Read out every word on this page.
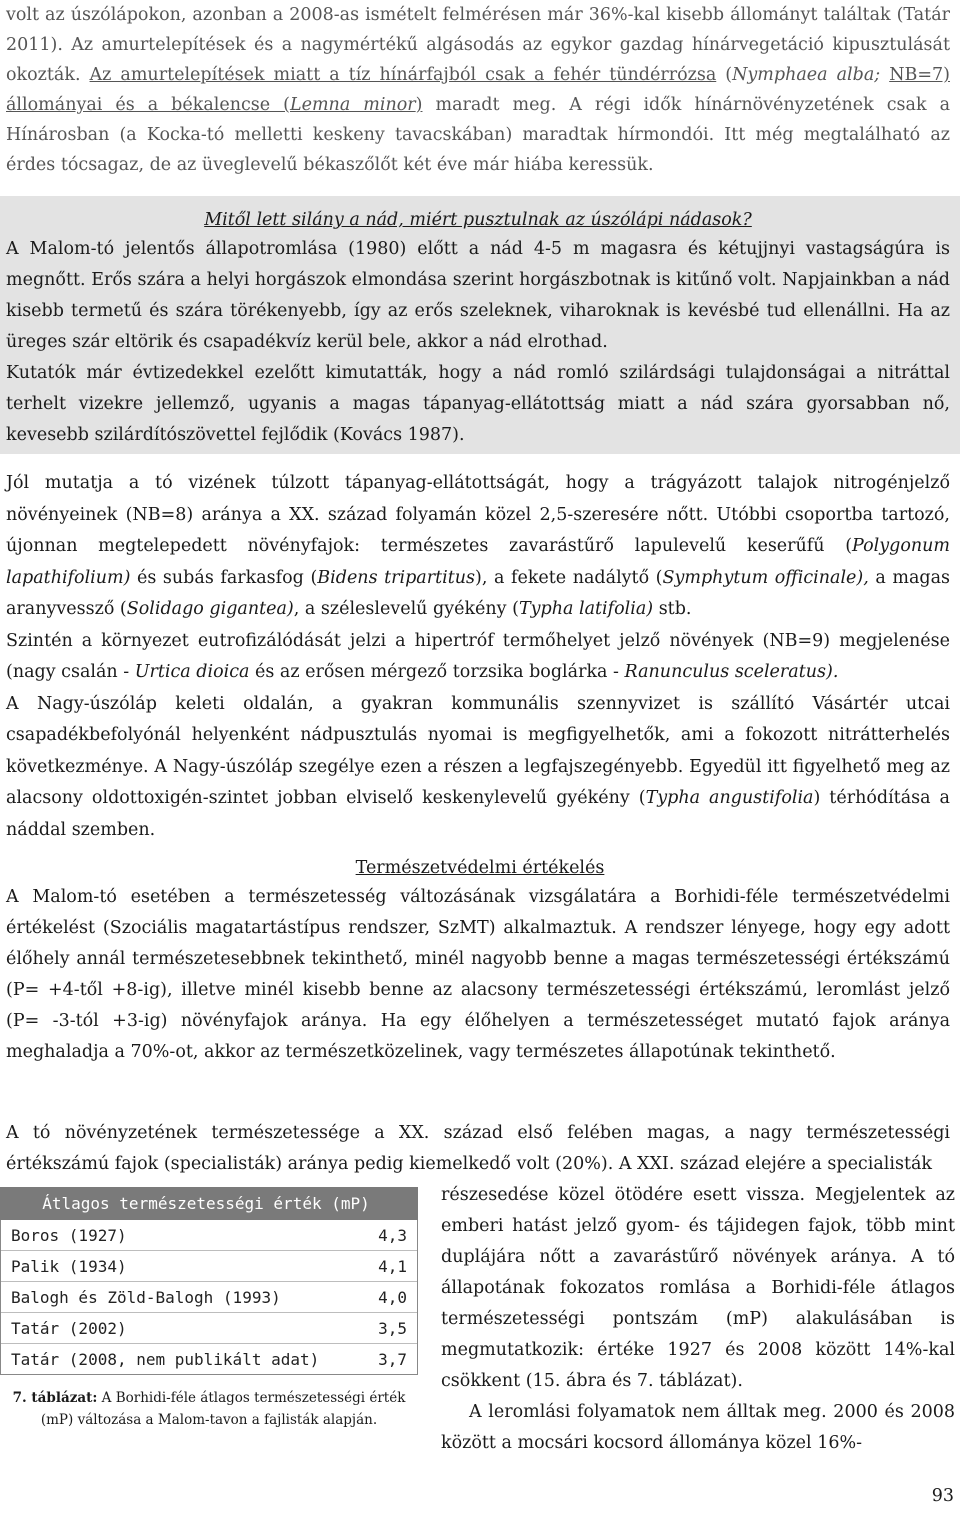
volt az úszólápokon, azonban a 2008-as ismételt felmérésen már 36%-kal kisebb állományt találtak (Tatár 2011). Az amurtelepítések és a nagymértékű algásodás az egykor gazdag hínárvegetáció kipusztulását okozták. Az amurtelepítések miatt a tíz hínárfajból csak a fehér tündérrózsa (Nymphaea alba; NB=7) állományai és a békalencse (Lemna minor) maradt meg. A régi idők hínárnövényzetének csak a Hínárosban (a Kocka-tó melletti keskeny tavacskában) maradtak hírmondói. Itt még megtalálható az érdes tócsagaz, de az üveglevelű békaszőlőt két éve már hiába keressük.

Mitől lett silány a nád, miért pusztulnak az úszólápi nádasok?

A Malom-tó jelentős állapotromlása (1980) előtt a nád 4-5 m magasra és kétujjnyi vastagságúra is megnőtt. Erős szára a helyi horgászok elmondása szerint horgászbotnak is kitűnő volt. Napjainkban a nád kisebb termetű és szára törékenyebb, így az erős szeleknek, viharoknak is kevésbé tud ellenállni. Ha az üreges szár eltörik és csapadékvíz kerül bele, akkor a nád elrothad.

Kutatók már évtizedekkel ezelőtt kimutatták, hogy a nád romló szilárdsági tulajdonságai a nitráttal terhelt vizekre jellemző, ugyanis a magas tápanyag-ellátottság miatt a nád szára gyorsabban nő, kevesebb szilárdítószövettel fejlődik (Kovács 1987).

Jól mutatja a tó vizének túlzott tápanyag-ellátottságát, hogy a trágyázott talajok nitrogénjelző növényeinek (NB=8) aránya a XX. század folyamán közel 2,5-szeresére nőtt. Utóbbi csoportba tartozó, újonnan megtelepedett növényfajok: természetes zavarástűrő lapulevelű keserűfű (Polygonum lapathifolium) és subás farkasfog (Bidens tripartitus), a fekete nadálytő (Symphytum officinale), a magas aranyvessző (Solidago gigantea), a széleslevelű gyékény (Typha latifolia) stb.

Szintén a környezet eutrofizálódását jelzi a hipertróf termőhelyet jelző növények (NB=9) megjelenése (nagy csalán - Urtica dioica és az erősen mérgező torzsika boglárka - Ranunculus sceleratus).

A Nagy-úszóláp keleti oldalán, a gyakran kommunális szennyvizet is szállító Vásártér utcai csapadékbefolyónál helyenként nádpusztulás nyomai is megfigyelhetők, ami a fokozott nitrátterhelés következménye. A Nagy-úszóláp szegélye ezen a részen a legfajszegényebb. Egyedül itt figyelhető meg az alacsony oldottoxigén-szintet jobban elviselő keskenylevelű gyékény (Typha angustifolia) térhódítása a náddal szemben.

Természetvédelmi értékelés

A Malom-tó esetében a természetesség változásának vizsgálatára a Borhidi-féle természetvédelmi értékelést (Szociális magatartástípus rendszer, SzMT) alkalmaztuk. A rendszer lényege, hogy egy adott élőhely annál természetesebbnek tekinthető, minél nagyobb benne a magas természetességi értékszámú (P= +4-től +8-ig), illetve minél kisebb benne az alacsony természetességi értékszámú, leromlást jelző (P= -3-tól +3-ig) növényfajok aránya. Ha egy élőhelyen a természetességet mutató fajok aránya meghaladja a 70%-ot, akkor az természetközelinek, vagy természetes állapotúnak tekinthető.

A tó növényzetének természetessége a XX. század első felében magas, a nagy természetességi értékszámú fajok (specialisták) aránya pedig kiemelkedő volt (20%). A XXI. század elejére a specialisták

Átlagos természetességi érték (mP)
Boros (1927)	4,3
Palik (1934)	4,1
Balogh és Zöld-Balogh (1993)	4,0
Tatár (2002)	3,5
Tatár (2008, nem publikált adat)	3,7

7. táblázat: A Borhidi-féle átlagos természetességi érték (mP) változása a Malom-tavon a fajlisták alapján.

részesedése közel ötödére esett vissza. Megjelentek az emberi hatást jelző gyom- és tájidegen fajok, több mint duplájára nőtt a zavarástűrő növények aránya. A tó állapotának fokozatos romlása a Borhidi-féle átlagos természetességi pontszám (mP) alakulásában is megmutatkozik: értéke 1927 és 2008 között 14%-kal csökkent (15. ábra és 7. táblázat).

A leromlási folyamatok nem álltak meg. 2000 és 2008 között a mocsári kocsord állománya közel 16%-

93
